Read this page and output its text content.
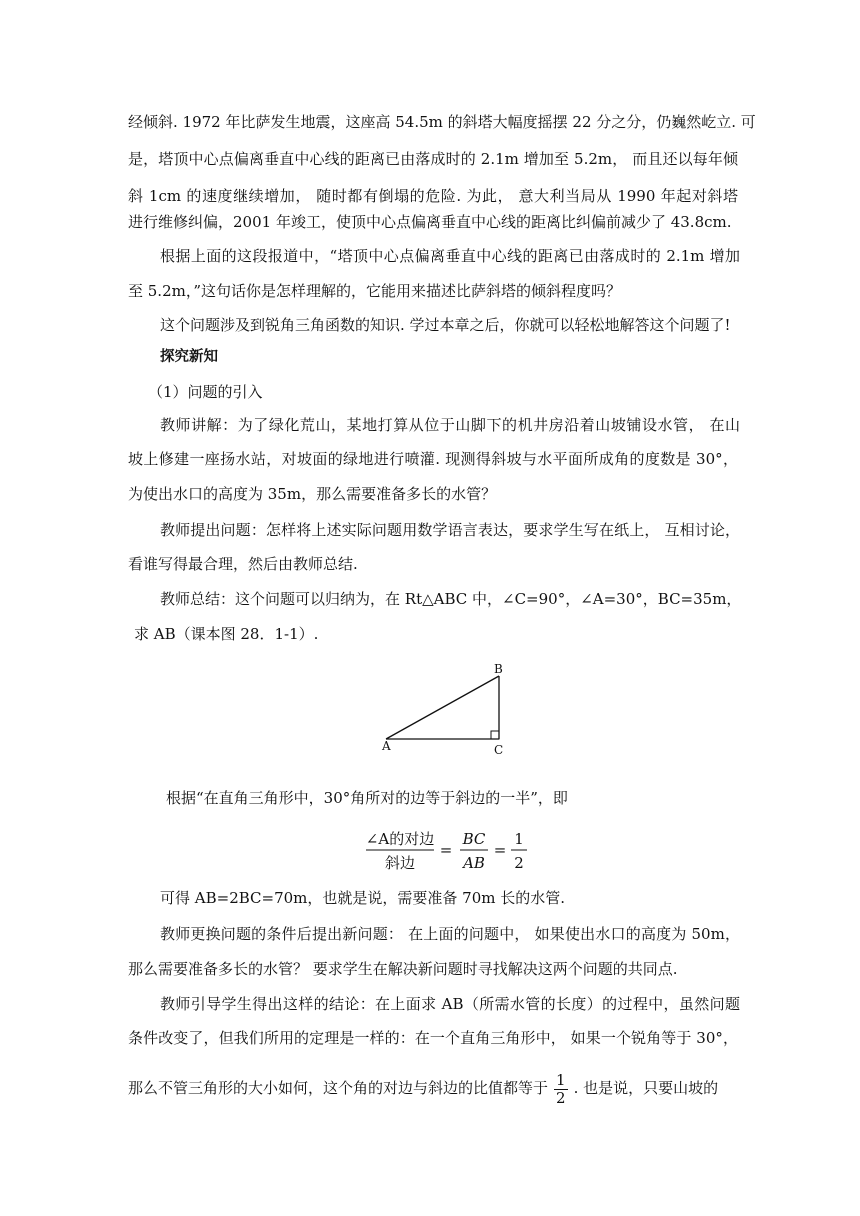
经倾斜. 1972 年比萨发生地震，这座高 54.5m 的斜塔大幅度摇摆 22 分之分，仍巍然屹立. 可
是，塔顶中心点偏离垂直中心线的距离已由落成时的 2.1m 增加至 5.2m， 而且还以每年倾
斜 1cm 的速度继续增加， 随时都有倒塌的危险. 为此， 意大利当局从 1990 年起对斜塔
进行维修纠偏，2001 年竣工，使顶中心点偏离垂直中心线的距离比纠偏前减少了 43.8cm.
根据上面的这段报道中，“塔顶中心点偏离垂直中心线的距离已由落成时的 2.1m 增加
至 5.2m，”这句话你是怎样理解的，它能用来描述比萨斜塔的倾斜程度吗？
这个问题涉及到锐角三角函数的知识. 学过本章之后，你就可以轻松地解答这个问题了!
探究新知
（1）问题的引入
教师讲解：为了绿化荒山，某地打算从位于山脚下的机井房沿着山坡铺设水管， 在山
坡上修建一座扬水站，对坡面的绿地进行喷灌. 现测得斜坡与水平面所成角的度数是 30°，
为使出水口的高度为 35m，那么需要准备多长的水管？
教师提出问题：怎样将上述实际问题用数学语言表达，要求学生写在纸上， 互相讨论，
看谁写得最合理，然后由教师总结.
教师总结：这个问题可以归纳为，在 Rt△ABC 中，∠C=90°，∠A=30°，BC=35m，
求 AB（课本图 28．1-1）.
B
A	C
根据“在直角三角形中，30°角所对的边等于斜边的一半”，即
∠A的对边
斜边
=
BC
AB
=
1
2
可得 AB=2BC=70m，也就是说，需要准备 70m 长的水管.
教师更换问题的条件后提出新问题： 在上面的问题中， 如果使出水口的高度为 50m，
那么需要准备多长的水管？ 要求学生在解决新问题时寻找解决这两个问题的共同点.
教师引导学生得出这样的结论：在上面求 AB（所需水管的长度）的过程中，虽然问题
条件改变了，但我们所用的定理是一样的：在一个直角三角形中， 如果一个锐角等于 30°，
那么不管三角形的大小如何，这个角的对边与斜边的比值都等于 $\frac{1}{2}$ . 也是说，只要山坡的
